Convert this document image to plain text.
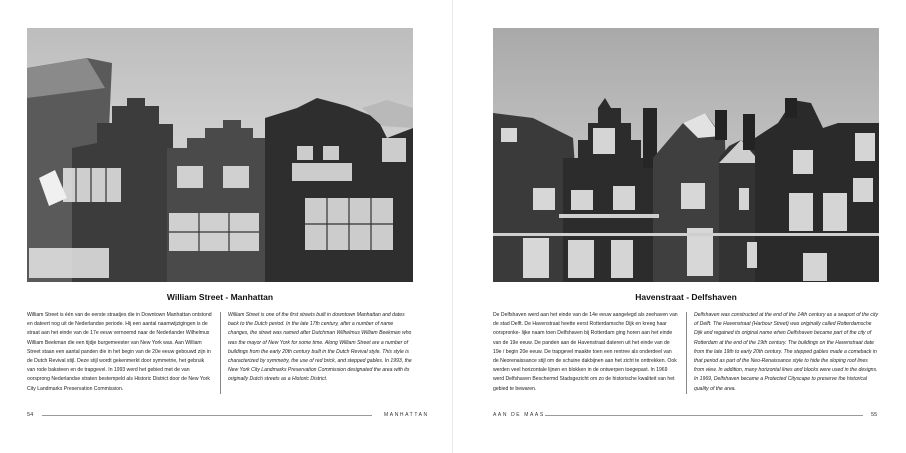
William Street - Manhattan
William Street is één van de eerste straatjes die in Downtown Manhattan ontstond en dateert nog uit de Nederlandse periode. Hij een aantal naamwijzigingen is de straat aan het einde van de 17e eeuw vernoemd naar de Nederlander Wilhelmus William Beekman die een tijdje burgemeester van New York was. Aan William Street staan een aantal panden die in het begin van de 20e eeuw gebouwd zijn in de Dutch Revival stijl. Deze stijl wordt gekenmerkt door symmetrie, het gebruik van rode baksteen en de trapgevel. In 1993 werd het gebied met de van oorsprong Nederlandse straten bestempeld als Historic District door de New York City Landmarks Preservation Commission.
William Street is one of the first streets built in downtown Manhattan and dates back to the Dutch period. In the late 17th century, after a number of name changes, the street was named after Dutchman Wilhelmus William Beekman who was the mayor of New York for some time. Along William Street are a number of buildings from the early 20th century built in the Dutch Revival style. This style is characterized by symmetry, the use of red brick, and stepped gables. In 1993, the New York City Landmarks Preservation Commission designated the area with its originally Dutch streets as a Historic District.
54	MANHATTAN
Havenstraat - Delfshaven
De Delfshaven werd aan het einde van de 14e eeuw aangelegd als zeehaven van de stad Delft. De Havenstraat heette eerst Rotterdamsche Dijk en kreeg haar oorspronke- lijke naam toen Delfshaven bij Rotterdam ging horen aan het einde van de 19e eeuw. De panden aan de Havenstraat dateren uit het einde van de 19e / begin 20e eeuw. De trapgevel maakte toen een rentree als onderdeel van de Neorenaissance stijl om de schuine dakbijnen aan het zicht te onttrekken. Ook werden veel horizontale lijnen en blokken in de ontwerpen toegepast. In 1969 werd Delfshaven Beschermd Stadsgezicht om zo de historische kwaliteit van het gebied te bewaren.
Delfshaven was constructed at the end of the 14th century as a seaport of the city of Delft. The Havenstraat (Harbour Street) was originally called Rotterdamsche Dijk and regained its original name when Delfshaven became part of the city of Rotterdam at the end of the 19th century. The buildings on the Havenstraat date from the late 19th to early 20th century. The stepped gables made a comeback in that period as part of the Neo-Renaissance style to hide the sloping roof lines from view. In addition, many horizontal lines and blocks were used in the designs. In 1969, Delfshaven became a Protected Cityscape to preserve the historical quality of the area.
AAN DE MAAS	55
